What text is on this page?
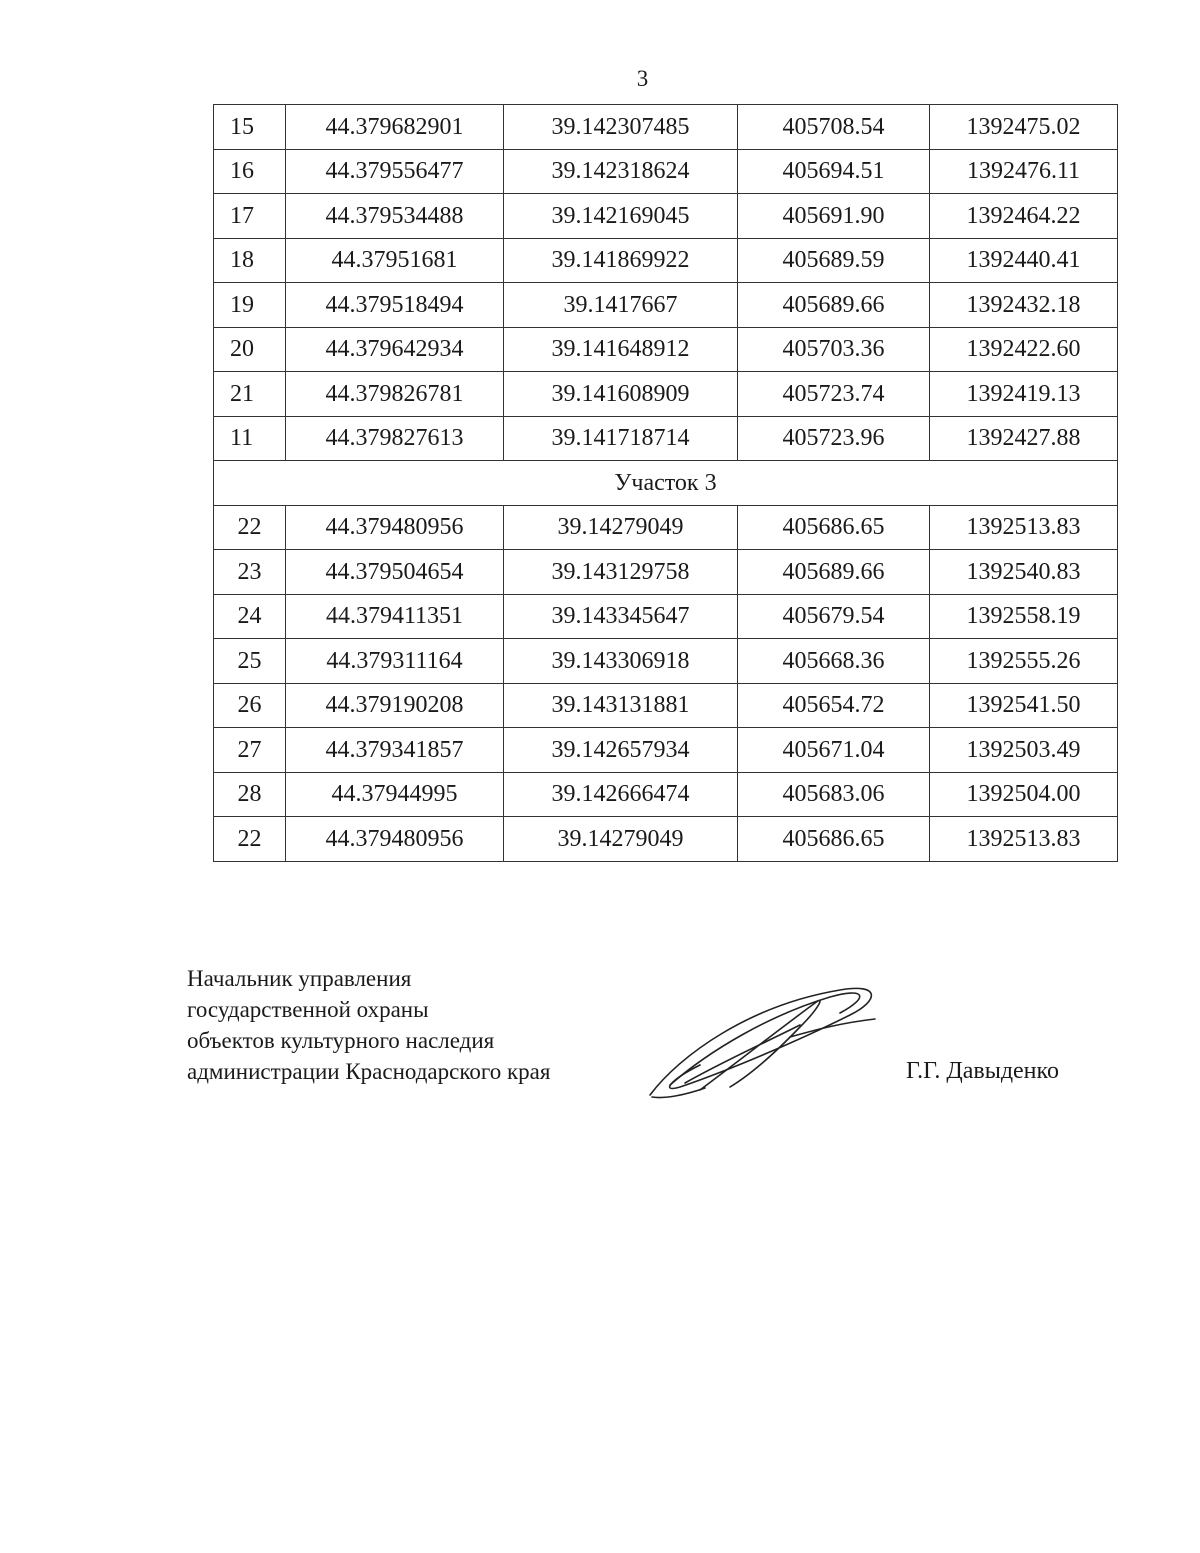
3
15	44.379682901	39.142307485	405708.54	1392475.02
16	44.379556477	39.142318624	405694.51	1392476.11
17	44.379534488	39.142169045	405691.90	1392464.22
18	44.37951681	39.141869922	405689.59	1392440.41
19	44.379518494	39.1417667	405689.66	1392432.18
20	44.379642934	39.141648912	405703.36	1392422.60
21	44.379826781	39.141608909	405723.74	1392419.13
11	44.379827613	39.141718714	405723.96	1392427.88
Участок 3				
22	44.379480956	39.14279049	405686.65	1392513.83
23	44.379504654	39.143129758	405689.66	1392540.83
24	44.379411351	39.143345647	405679.54	1392558.19
25	44.379311164	39.143306918	405668.36	1392555.26
26	44.379190208	39.143131881	405654.72	1392541.50
27	44.379341857	39.142657934	405671.04	1392503.49
28	44.37944995	39.142666474	405683.06	1392504.00
22	44.379480956	39.14279049	405686.65	1392513.83
Начальник управления
государственной охраны
объектов культурного наследия
администрации Краснодарского края	Г.Г. Давыденко
